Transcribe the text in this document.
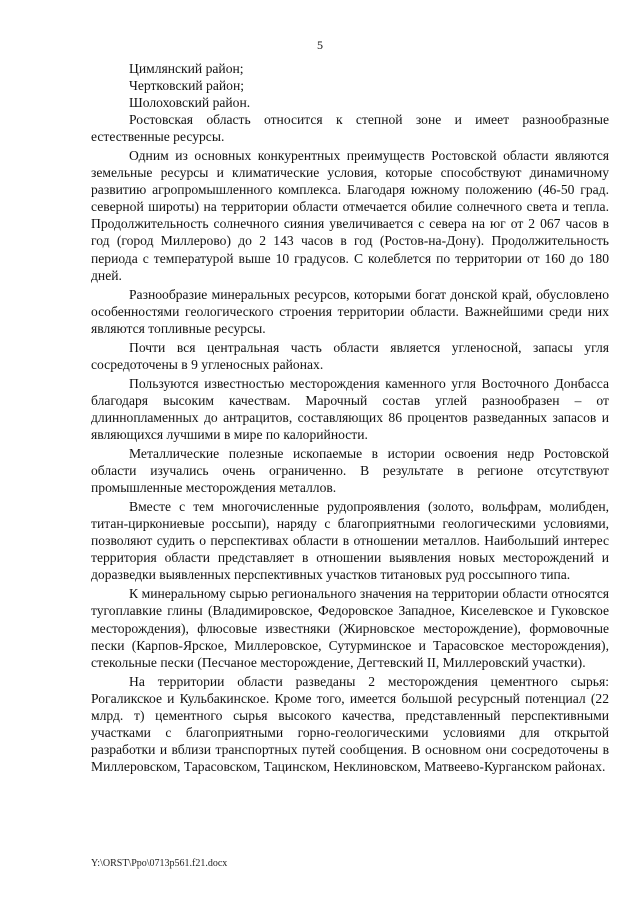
5

Цимлянский район;

Чертковский район;

Шолоховский район.

Ростовская область относится к степной зоне и имеет разнообразные естественные ресурсы.

Одним из основных конкурентных преимуществ Ростовской области являются земельные ресурсы и климатические условия, которые способствуют динамичному развитию агропромышленного комплекса. Благодаря южному положению (46-50 град. северной широты) на территории области отмечается обилие солнечного света и тепла. Продолжительность солнечного сияния увеличивается с севера на юг от 2 067 часов в год (город Миллерово) до 2 143 часов в год (Ростов-на-Дону). Продолжительность периода с температурой выше 10 градусов. С колеблется по территории от 160 до 180 дней.

Разнообразие минеральных ресурсов, которыми богат донской край, обусловлено особенностями геологического строения территории области. Важнейшими среди них являются топливные ресурсы.

Почти вся центральная часть области является угленосной, запасы угля сосредоточены в 9 угленосных районах.

Пользуются известностью месторождения каменного угля Восточного Донбасса благодаря высоким качествам. Марочный состав углей разнообразен – от длиннопламенных до антрацитов, составляющих 86 процентов разведанных запасов и являющихся лучшими в мире по калорийности.

Металлические полезные ископаемые в истории освоения недр Ростовской области изучались очень ограниченно. В результате в регионе отсутствуют промышленные месторождения металлов.

Вместе с тем многочисленные рудопроявления (золото, вольфрам, молибден, титан-циркониевые россыпи), наряду с благоприятными геологическими условиями, позволяют судить о перспективах области в отношении металлов. Наибольший интерес территория области представляет в отношении выявления новых месторождений и доразведки выявленных перспективных участков титановых руд россыпного типа.

К минеральному сырью регионального значения на территории области относятся тугоплавкие глины (Владимировское, Федоровское Западное, Киселевское и Гуковское месторождения), флюсовые известняки (Жирновское месторождение), формовочные пески (Карпов-Ярское, Миллеровское, Сутурминское и Тарасовское месторождения), стекольные пески (Песчаное месторождение, Дегтевский II, Миллеровский участки).

На территории области разведаны 2 месторождения цементного сырья: Рогаликское и Кульбакинское. Кроме того, имеется большой ресурсный потенциал (22 млрд. т) цементного сырья высокого качества, представленный перспективными участками с благоприятными горно-геологическими условиями для открытой разработки и вблизи транспортных путей сообщения. В основном они сосредоточены в Миллеровском, Тарасовском, Тацинском, Неклиновском, Матвеево-Курганском районах.

Y:\ORST\Ppo\0713p561.f21.docx
